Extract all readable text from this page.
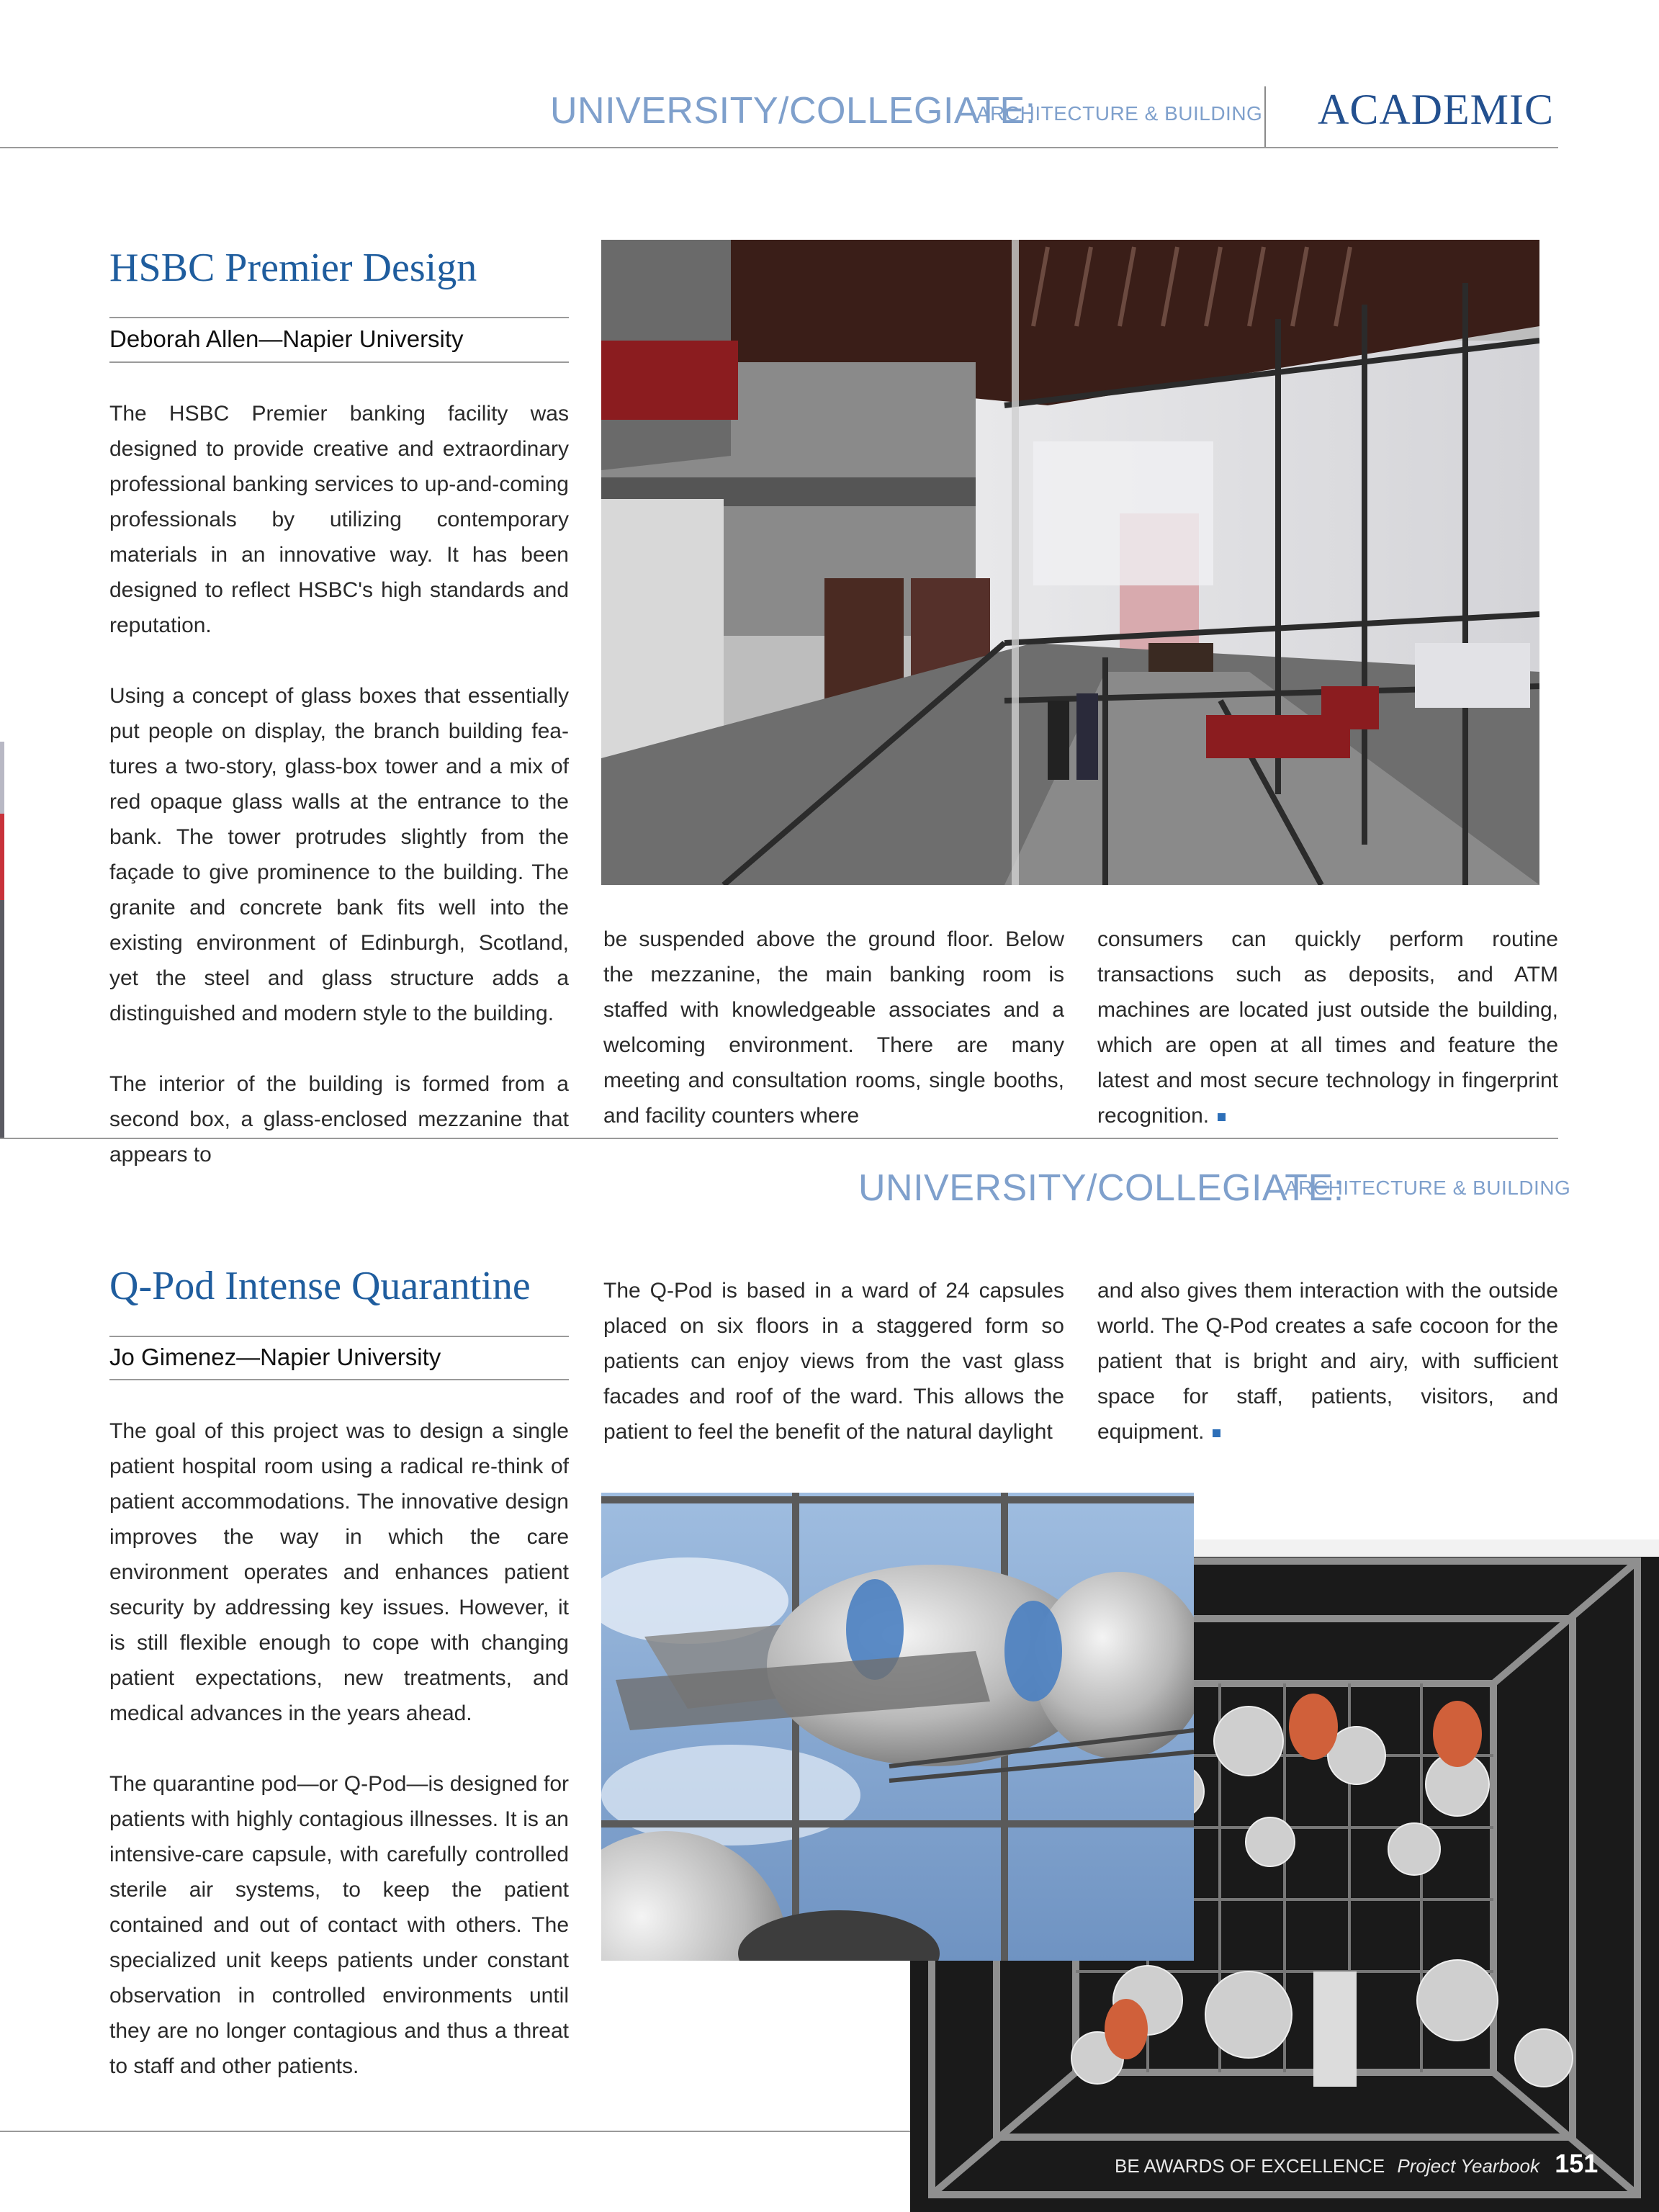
UNIVERSITY/COLLEGIATE:
ARCHITECTURE & BUILDING ACADEMIC
HSBC Premier Design
Deborah Allen—Napier University

The HSBC Premier banking facility was designed to provide creative and extraordinary professional banking services to up-and-coming professionals by utilizing contemporary materials in an innovative way. It has been designed to reflect HSBC's high standards and reputation.

Using a concept of glass boxes that essentially put people on display, the branch building features a two-story, glass-box tower and a mix of red opaque glass walls at the entrance to the bank. The tower protrudes slightly from the façade to give prominence to the building. The granite and concrete bank fits well into the existing environment of Edinburgh, Scotland, yet the steel and glass structure adds a distinguished and modern style to the building.

The interior of the building is formed from a second box, a glass-enclosed mezzanine that appears to

be suspended above the ground floor. Below the mezzanine, the main banking room is staffed with knowledgeable associates and a welcoming environment. There are many meeting and consultation rooms, single booths, and facility counters where
consumers can quickly perform routine transactions such as deposits, and ATM machines are located just outside the building, which are open at all times and feature the latest and most secure technology in fingerprint recognition.
UNIVERSITY/COLLEGIATE:
ARCHITECTURE & BUILDING
Q-Pod Intense Quarantine
Jo Gimenez—Napier University

The goal of this project was to design a single patient hospital room using a radical re-think of patient accommodations. The innovative design improves the way in which the care environment operates and enhances patient security by addressing key issues. However, it is still flexible enough to cope with changing patient expectations, new treatments, and medical advances in the years ahead.

The quarantine pod—or Q-Pod—is designed for patients with highly contagious illnesses. It is an intensive-care capsule, with carefully controlled sterile air systems, to keep the patient contained and out of contact with others. The specialized unit keeps patients under constant observation in controlled environments until they are no longer contagious and thus a threat to staff and other patients.

The Q-Pod is based in a ward of 24 capsules placed on six floors in a staggered form so patients can enjoy views from the vast glass facades and roof of the ward. This allows the patient to feel the benefit of the natural daylight
and also gives them interaction with the outside world. The Q-Pod creates a safe cocoon for the patient that is bright and airy, with sufficient space for staff, patients, visitors, and equipment.
BE AWARDS OF EXCELLENCE Project Yearbook 151
